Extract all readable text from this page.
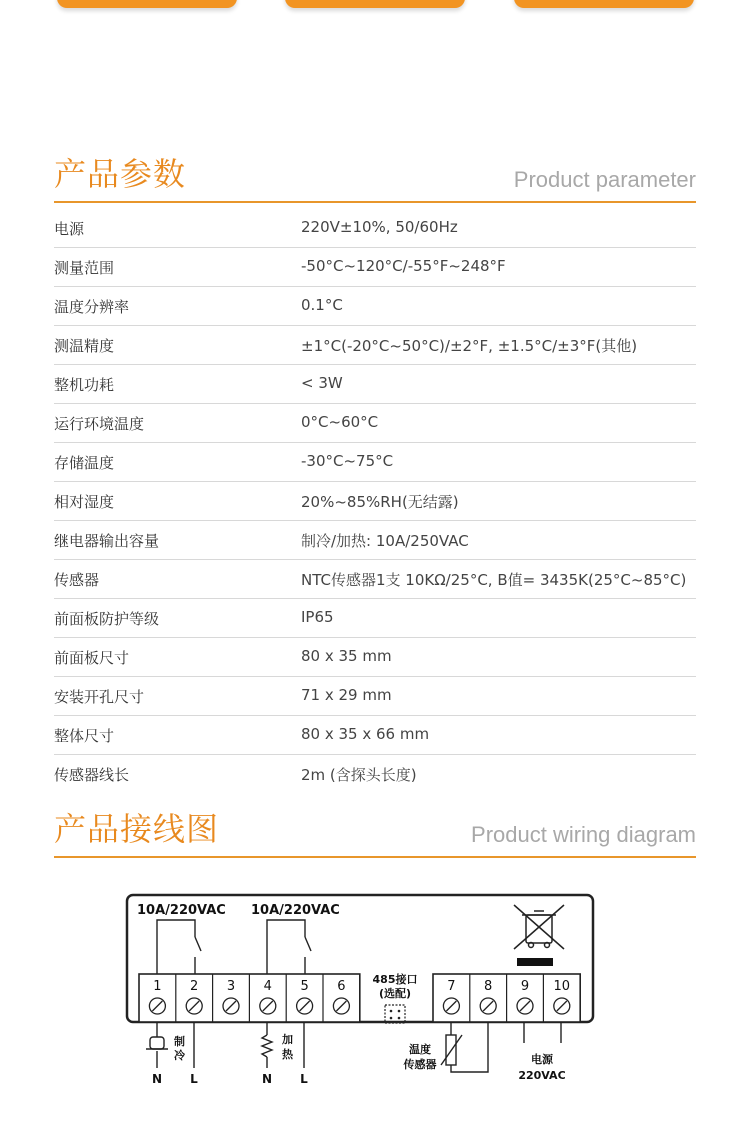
产品参数	Product parameter
电源	220V±10%, 50/60Hz
测量范围	-50°C~120°C/-55°F~248°F
温度分辨率	0.1°C
测温精度	±1°C(-20°C~50°C)/±2°F, ±1.5°C/±3°F(其他)
整机功耗	< 3W
运行环境温度	0°C~60°C
存储温度	-30°C~75°C
相对湿度	20%~85%RH(无结露)
继电器输出容量	制冷/加热: 10A/250VAC
传感器	NTC传感器1支 10KΩ/25°C, B值= 3435K(25°C~85°C)
前面板防护等级	IP65
前面板尺寸	80 x 35 mm
安装开孔尺寸	71 x 29 mm
整体尺寸	80 x 35 x 66 mm
传感器线长	2m (含探头长度)
产品接线图	Product wiring diagram
10A/220VAC 10A/220VAC
1 2 3 4 5 6	7 8 9 10
485接口
(选配)
制
冷
加
热	温度
传感器	电源
220VAC
N L	N L
